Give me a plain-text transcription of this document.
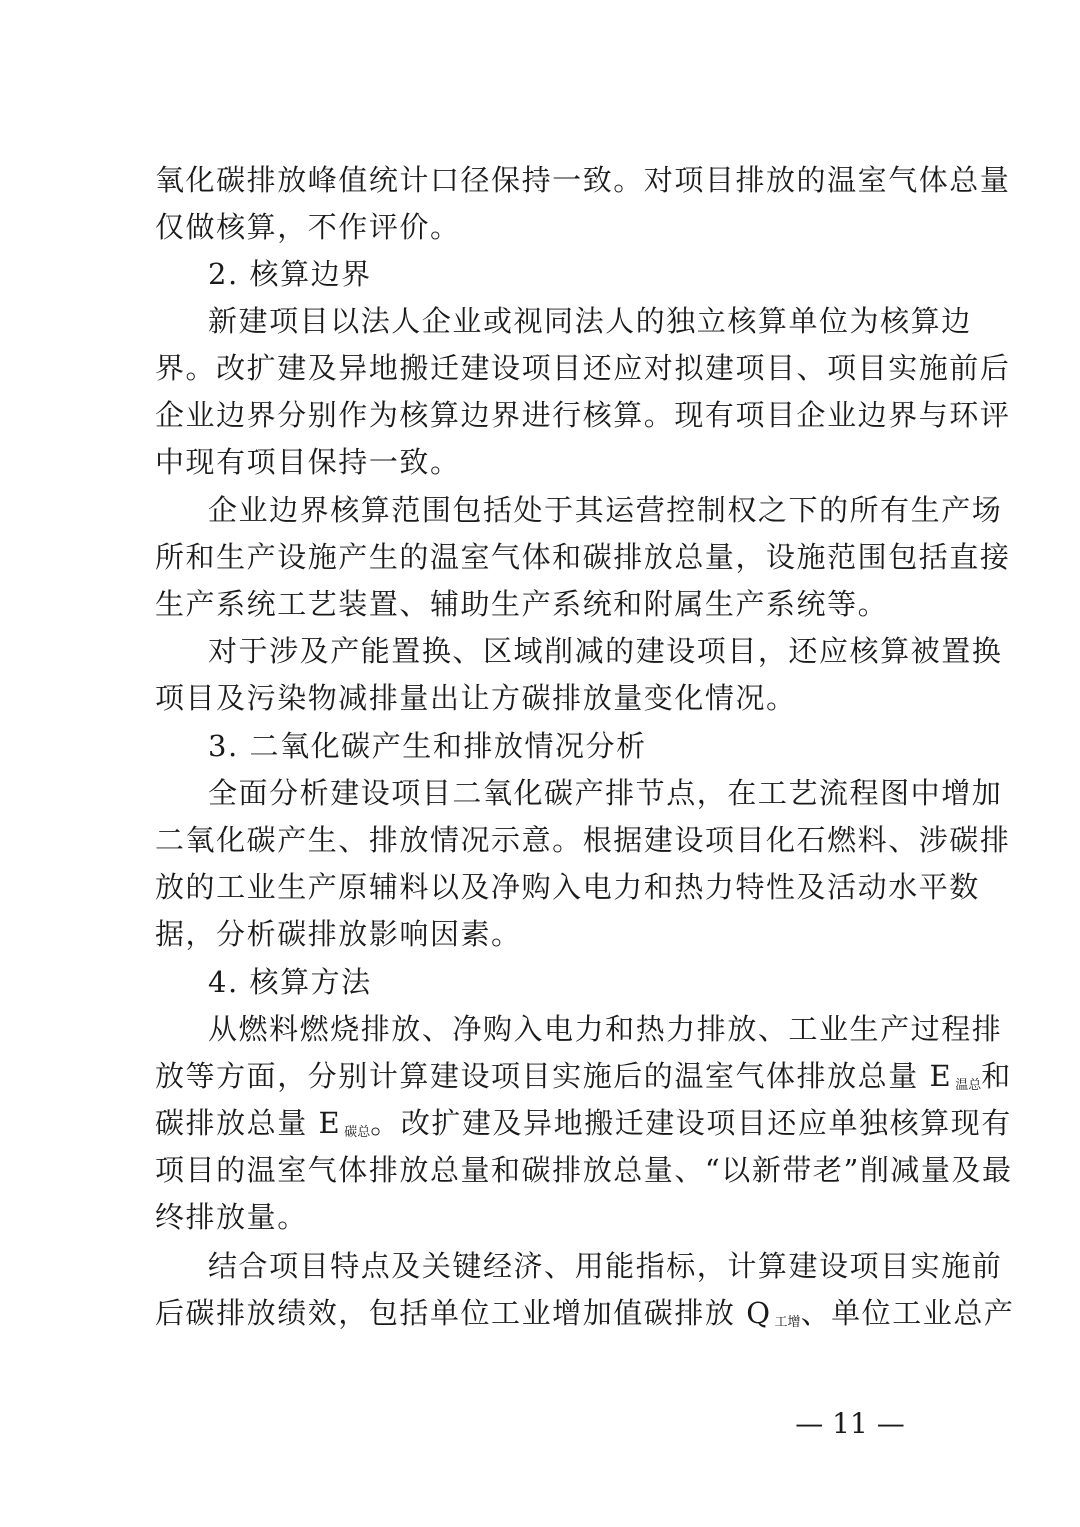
氧化碳排放峰值统计口径保持一致。对项目排放的温室气体总量
仅做核算，不作评价。
2. 核算边界
新建项目以法人企业或视同法人的独立核算单位为核算边
界。改扩建及异地搬迁建设项目还应对拟建项目、项目实施前后
企业边界分别作为核算边界进行核算。现有项目企业边界与环评
中现有项目保持一致。
企业边界核算范围包括处于其运营控制权之下的所有生产场
所和生产设施产生的温室气体和碳排放总量，设施范围包括直接
生产系统工艺装置、辅助生产系统和附属生产系统等。
对于涉及产能置换、区域削减的建设项目，还应核算被置换
项目及污染物减排量出让方碳排放量变化情况。
3. 二氧化碳产生和排放情况分析
全面分析建设项目二氧化碳产排节点，在工艺流程图中增加
二氧化碳产生、排放情况示意。根据建设项目化石燃料、涉碳排
放的工业生产原辅料以及净购入电力和热力特性及活动水平数
据，分析碳排放影响因素。
4. 核算方法
从燃料燃烧排放、净购入电力和热力排放、工业生产过程排
放等方面，分别计算建设项目实施后的温室气体排放总量 E $_{温总}$和
碳排放总量 E $_{碳总}$。改扩建及异地搬迁建设项目还应单独核算现有
项目的温室气体排放总量和碳排放总量、“以新带老”削减量及最
终排放量。
结合项目特点及关键经济、用能指标，计算建设项目实施前
后碳排放绩效，包括单位工业增加值碳排放 Q $_{工增}$、单位工业总产
— 11 —
